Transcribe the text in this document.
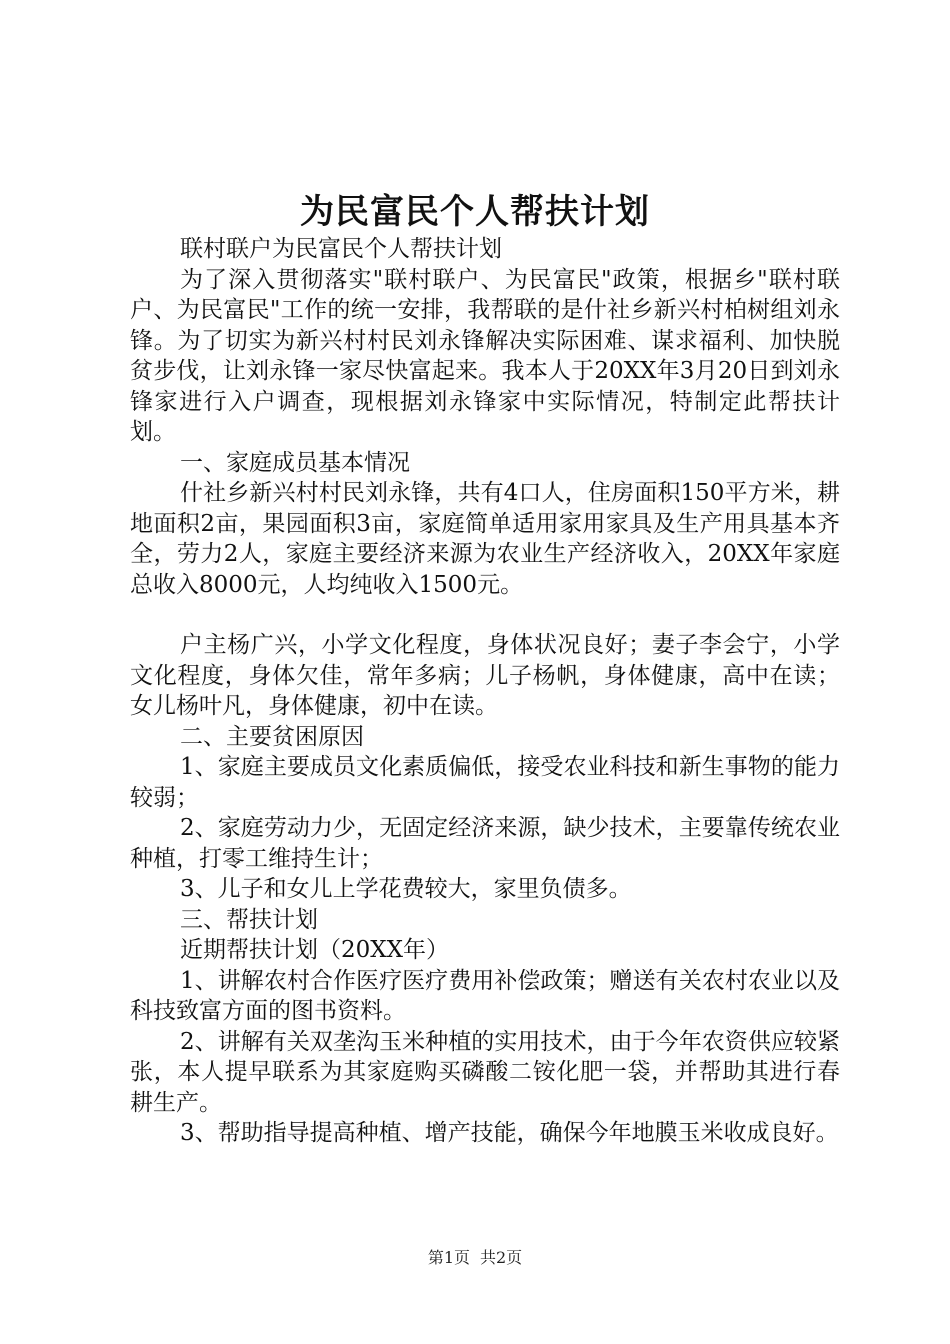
为民富民个人帮扶计划

联村联户为民富民个人帮扶计划

为了深入贯彻落实"联村联户、为民富民"政策，根据乡"联村联户、为民富民"工作的统一安排，我帮联的是什社乡新兴村柏树组刘永锋。为了切实为新兴村村民刘永锋解决实际困难、谋求福利、加快脱贫步伐，让刘永锋一家尽快富起来。我本人于20XX年3月20日到刘永锋家进行入户调查，现根据刘永锋家中实际情况，特制定此帮扶计划。

一、家庭成员基本情况

什社乡新兴村村民刘永锋，共有4口人，住房面积150平方米，耕地面积2亩，果园面积3亩，家庭简单适用家用家具及生产用具基本齐全，劳力2人，家庭主要经济来源为农业生产经济收入，20XX年家庭总收入8000元，人均纯收入1500元。

户主杨广兴，小学文化程度，身体状况良好；妻子李会宁，小学文化程度，身体欠佳，常年多病；儿子杨帆，身体健康，高中在读；女儿杨叶凡，身体健康，初中在读。

二、主要贫困原因

1、家庭主要成员文化素质偏低，接受农业科技和新生事物的能力较弱；

2、家庭劳动力少，无固定经济来源，缺少技术，主要靠传统农业种植，打零工维持生计；

3、儿子和女儿上学花费较大，家里负债多。

三、帮扶计划

近期帮扶计划（20XX年）

1、讲解农村合作医疗医疗费用补偿政策；赠送有关农村农业以及科技致富方面的图书资料。

2、讲解有关双垄沟玉米种植的实用技术，由于今年农资供应较紧张，本人提早联系为其家庭购买磷酸二铵化肥一袋，并帮助其进行春耕生产。

3、帮助指导提高种植、增产技能，确保今年地膜玉米收成良好。

第1页 共2页
